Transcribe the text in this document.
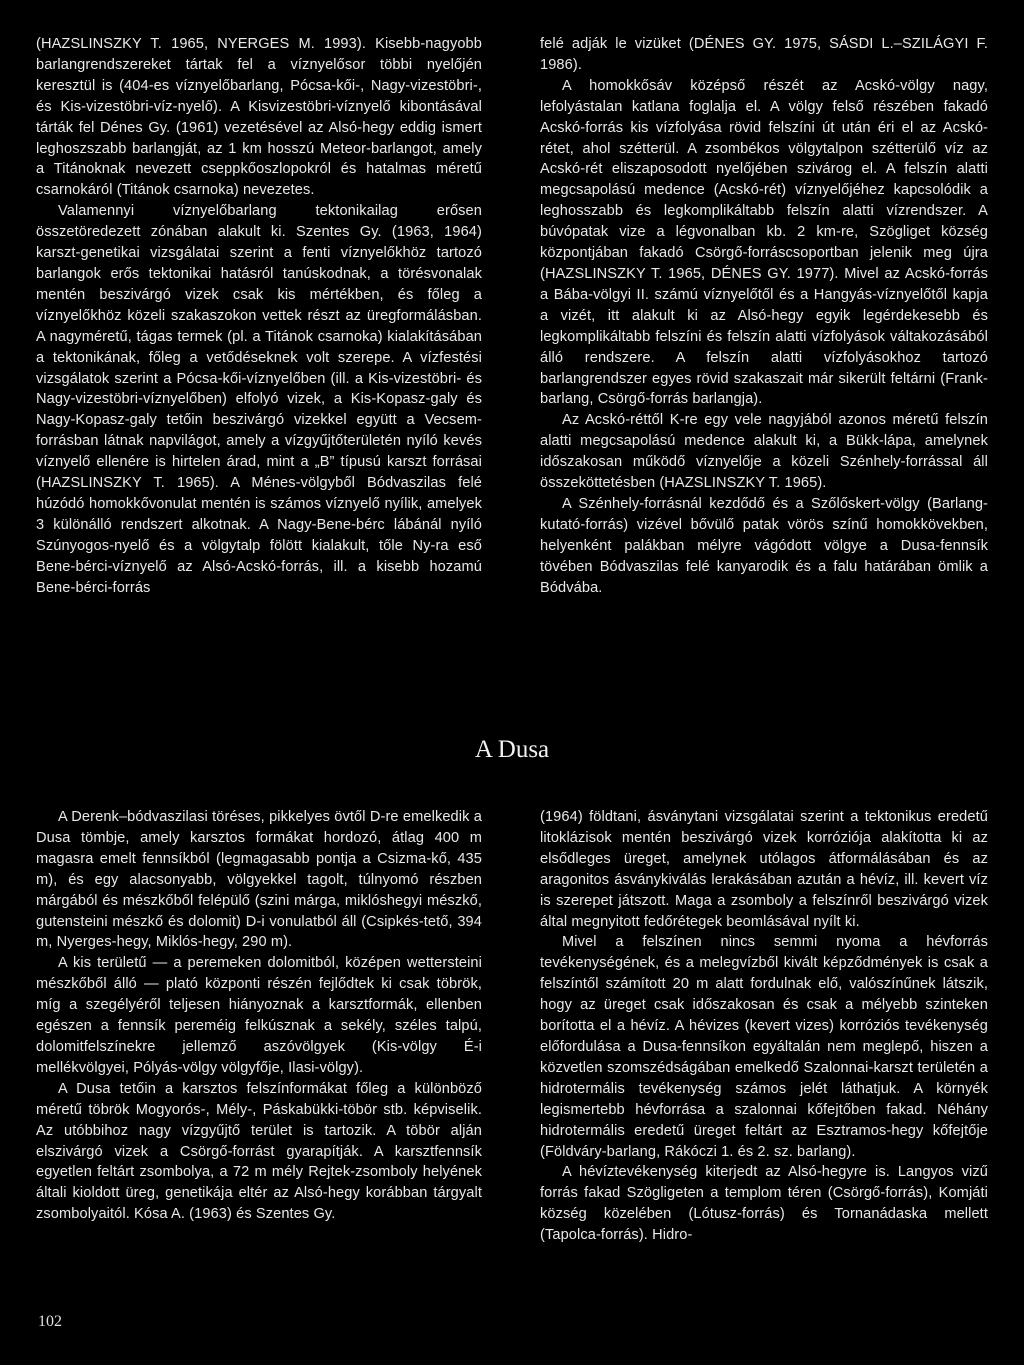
(HAZSLINSZKY T. 1965, NYERGES M. 1993). Kisebb-nagyobb barlangrendszereket tártak fel a víznyelősor többi nyelőjén keresztül is (404-es víznyelőbarlang, Pócsa-kői-, Nagy-vizestöbri-, és Kis-vizestöbri-víz-nyelő). A Kisvizestöbri-víznyelő kibontásával tárták fel Dénes Gy. (1961) vezetésével az Alsó-hegy eddig ismert leghoszszabb barlangját, az 1 km hosszú Meteor-barlangot, amely a Titánoknak nevezett cseppkőoszlopokról és hatalmas méretű csarnokáról (Titánok csarnoka) nevezetes.

Valamennyi víznyelőbarlang tektonikailag erősen összetöredezett zónában alakult ki. Szentes Gy. (1963, 1964) karszt-genetikai vizsgálatai szerint a fenti víznyelőkhöz tartozó barlangok erős tektonikai hatásról tanúskodnak, a törésvonalak mentén beszivárgó vizek csak kis mértékben, és főleg a víznyelőkhöz közeli szakaszokon vettek részt az üregformálásban. A nagyméretű, tágas termek (pl. a Titánok csarnoka) kialakításában a tektonikának, főleg a vetődéseknek volt szerepe. A vízfestési vizsgálatok szerint a Pócsa-kői-víznyelőben (ill. a Kis-vizestöbri- és Nagy-vizestöbri-víznyelőben) elfolyó vizek, a Kis-Kopasz-galy és Nagy-Kopasz-galy tetőin beszivárgó vizekkel együtt a Vecsem-forrásban látnak napvilágot, amely a vízgyűjtőterületén nyíló kevés víznyelő ellenére is hirtelen árad, mint a „B” típusú karszt forrásai (HAZSLINSZKY T. 1965). A Ménes-völgyből Bódvaszilas felé húzódó homokkővonulat mentén is számos víznyelő nyílik, amelyek 3 különálló rendszert alkotnak. A Nagy-Bene-bérc lábánál nyíló Szúnyogos-nyelő és a völgytalp fölött kialakult, tőle Ny-ra eső Bene-bérci-víznyelő az Alsó-Acskó-forrás, ill. a kisebb hozamú Bene-bérci-forrás

felé adják le vizüket (DÉNES GY. 1975, SÁSDI L.–SZILÁGYI F. 1986).

A homokkősáv középső részét az Acskó-völgy nagy, lefolyástalan katlana foglalja el. A völgy felső részében fakadó Acskó-forrás kis vízfolyása rövid felszíni út után éri el az Acskó-rétet, ahol szétterül. A zsombékos völgytalpon szétterülő víz az Acskó-rét eliszaposodott nyelőjében szivárog el. A felszín alatti megcsapolású medence (Acskó-rét) víznyelőjéhez kapcsolódik a leghosszabb és legkomplikáltabb felszín alatti vízrendszer. A búvópatak vize a légvonalban kb. 2 km-re, Szögliget község központjában fakadó Csörgő-forráscsoportban jelenik meg újra (HAZSLINSZKY T. 1965, DÉNES GY. 1977). Mivel az Acskó-forrás a Bába-völgyi II. számú víznyelőtől és a Hangyás-víznyelőtől kapja a vizét, itt alakult ki az Alsó-hegy egyik legérdekesebb és legkomplikáltabb felszíni és felszín alatti vízfolyások váltakozásából álló rendszere. A felszín alatti vízfolyásokhoz tartozó barlangrendszer egyes rövid szakaszait már sikerült feltárni (Frank-barlang, Csörgő-forrás barlangja).

Az Acskó-réttől K-re egy vele nagyjából azonos méretű felszín alatti megcsapolású medence alakult ki, a Bükk-lápa, amelynek időszakosan működő víznyelője a közeli Szénhely-forrással áll összeköttetésben (HAZSLINSZKY T. 1965).

A Szénhely-forrásnál kezdődő és a Szőlőskert-völgy (Barlang-kutató-forrás) vizével bővülő patak vörös színű homokkövekben, helyenként palákban mélyre vágódott völgye a Dusa-fennsík tövében Bódvaszilas felé kanyarodik és a falu határában ömlik a Bódvába.

A Dusa

A Derenk–bódvaszilasi töréses, pikkelyes övtől D-re emelkedik a Dusa tömbje, amely karsztos formákat hordozó, átlag 400 m magasra emelt fennsíkból (legmagasabb pontja a Csizma-kő, 435 m), és egy alacsonyabb, völgyekkel tagolt, túlnyomó részben márgából és mészkőből felépülő (szini márga, miklóshegyi mészkő, gutensteini mészkő és dolomit) D-i vonulatból áll (Csipkés-tető, 394 m, Nyerges-hegy, Miklós-hegy, 290 m).

A kis területű — a peremeken dolomitból, középen wettersteini mészkőből álló — plató központi részén fejlődtek ki csak töbrök, míg a szegélyéről teljesen hiányoznak a karsztformák, ellenben egészen a fennsík pereméig felkúsznak a sekély, széles talpú, dolomitfelszínekre jellemző aszóvölgyek (Kis-völgy É-i mellékvölgyei, Pólyás-völgy völgyfője, Ilasi-völgy).

A Dusa tetőin a karsztos felszínformákat főleg a különböző méretű töbrök Mogyorós-, Mély-, Páskabükki-töbör stb. képviselik. Az utóbbihoz nagy vízgyűjtő terület is tartozik. A töbör alján elszivárgó vizek a Csörgő-forrást gyarapítják. A karsztfennsík egyetlen feltárt zsombolya, a 72 m mély Rejtek-zsomboly helyének általi kioldott üreg, genetikája eltér az Alsó-hegy korábban tárgyalt zsombolyaitól. Kósa A. (1963) és Szentes Gy.

(1964) földtani, ásványtani vizsgálatai szerint a tektonikus eredetű litoklázisok mentén beszivárgó vizek korróziója alakította ki az elsődleges üreget, amelynek utólagos átformálásában és az aragonitos ásványkiválás lerakásában azután a hévíz, ill. kevert víz is szerepet játszott. Maga a zsomboly a felszínről beszivárgó vizek által megnyitott fedőrétegek beomlásával nyílt ki.

Mivel a felszínen nincs semmi nyoma a hévforrás tevékenységének, és a melegvízből kivált képződmények is csak a felszíntől számított 20 m alatt fordulnak elő, valószínűnek látszik, hogy az üreget csak időszakosan és csak a mélyebb szinteken borította el a hévíz. A hévizes (kevert vizes) korróziós tevékenység előfordulása a Dusa-fennsíkon egyáltalán nem meglepő, hiszen a közvetlen szomszédságában emelkedő Szalonnai-karszt területén a hidrotermális tevékenység számos jelét láthatjuk. A környék legismertebb hévforrása a szalonnai kőfejtőben fakad. Néhány hidrotermális eredetű üreget feltárt az Esztramos-hegy kőfejtője (Földváry-barlang, Rákóczi 1. és 2. sz. barlang).

A hévíztevékenység kiterjedt az Alsó-hegyre is. Langyos vizű forrás fakad Szögligeten a templom téren (Csörgő-forrás), Komjáti község közelében (Lótusz-forrás) és Tornanádaska mellett (Tapolca-forrás). Hidro-

102
